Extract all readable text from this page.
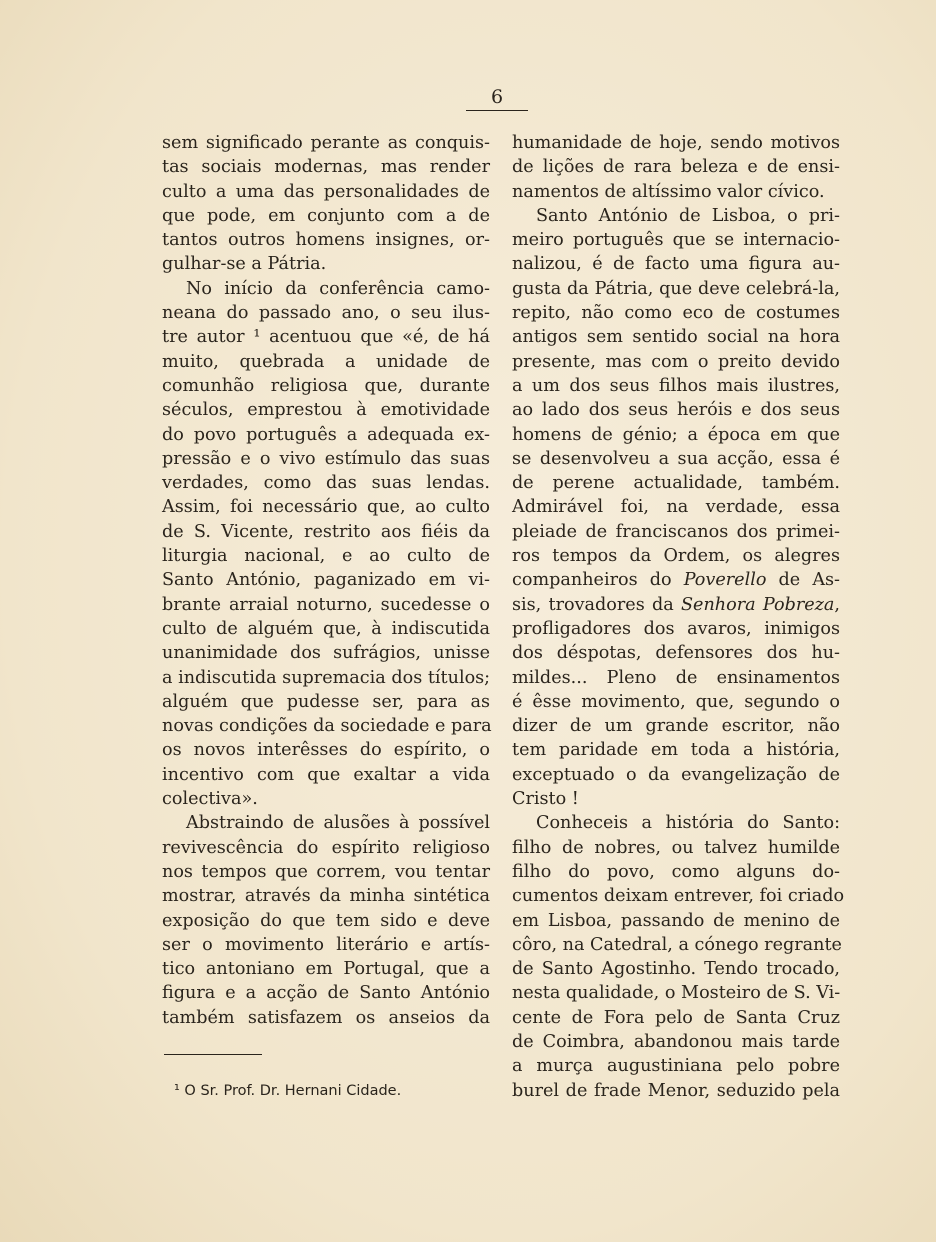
6
sem significado perante as conquis-
tas sociais modernas, mas render
culto a uma das personalidades de
que pode, em conjunto com a de
tantos outros homens insignes, or-
gulhar-se a Pátria.
No início da conferência camo-
neana do passado ano, o seu ilus-
tre autor ¹ acentuou que «é, de há
muito, quebrada a unidade de
comunhão religiosa que, durante
séculos, emprestou à emotividade
do povo português a adequada ex-
pressão e o vivo estímulo das suas
verdades, como das suas lendas.
Assim, foi necessário que, ao culto
de S. Vicente, restrito aos fiéis da
liturgia nacional, e ao culto de
Santo António, paganizado em vi-
brante arraial noturno, sucedesse o
culto de alguém que, à indiscutida
unanimidade dos sufrágios, unisse
a indiscutida supremacia dos títulos;
alguém que pudesse ser, para as
novas condições da sociedade e para
os novos interêsses do espírito, o
incentivo com que exaltar a vida
colectiva».
Abstraindo de alusões à possível
revivescência do espírito religioso
nos tempos que correm, vou tentar
mostrar, através da minha sintética
exposição do que tem sido e deve
ser o movimento literário e artís-
tico antoniano em Portugal, que a
figura e a acção de Santo António
também satisfazem os anseios da
humanidade de hoje, sendo motivos
de lições de rara beleza e de ensi-
namentos de altíssimo valor cívico.
Santo António de Lisboa, o pri-
meiro português que se internacio-
nalizou, é de facto uma figura au-
gusta da Pátria, que deve celebrá-la,
repito, não como eco de costumes
antigos sem sentido social na hora
presente, mas com o preito devido
a um dos seus filhos mais ilustres,
ao lado dos seus heróis e dos seus
homens de génio; a época em que
se desenvolveu a sua acção, essa é
de perene actualidade, também.
Admirável foi, na verdade, essa
pleiade de franciscanos dos primei-
ros tempos da Ordem, os alegres
companheiros do Poverello de As-
sis, trovadores da Senhora Pobreza,
profligadores dos avaros, inimigos
dos déspotas, defensores dos hu-
mildes... Pleno de ensinamentos
é êsse movimento, que, segundo o
dizer de um grande escritor, não
tem paridade em toda a história,
exceptuado o da evangelização de
Cristo !
Conheceis a história do Santo:
filho de nobres, ou talvez humilde
filho do povo, como alguns do-
cumentos deixam entrever, foi criado
em Lisboa, passando de menino de
côro, na Catedral, a cónego regrante
de Santo Agostinho. Tendo trocado,
nesta qualidade, o Mosteiro de S. Vi-
cente de Fora pelo de Santa Cruz
de Coimbra, abandonou mais tarde
a murça augustiniana pelo pobre
burel de frade Menor, seduzido pela
¹ O Sr. Prof. Dr. Hernani Cidade.
